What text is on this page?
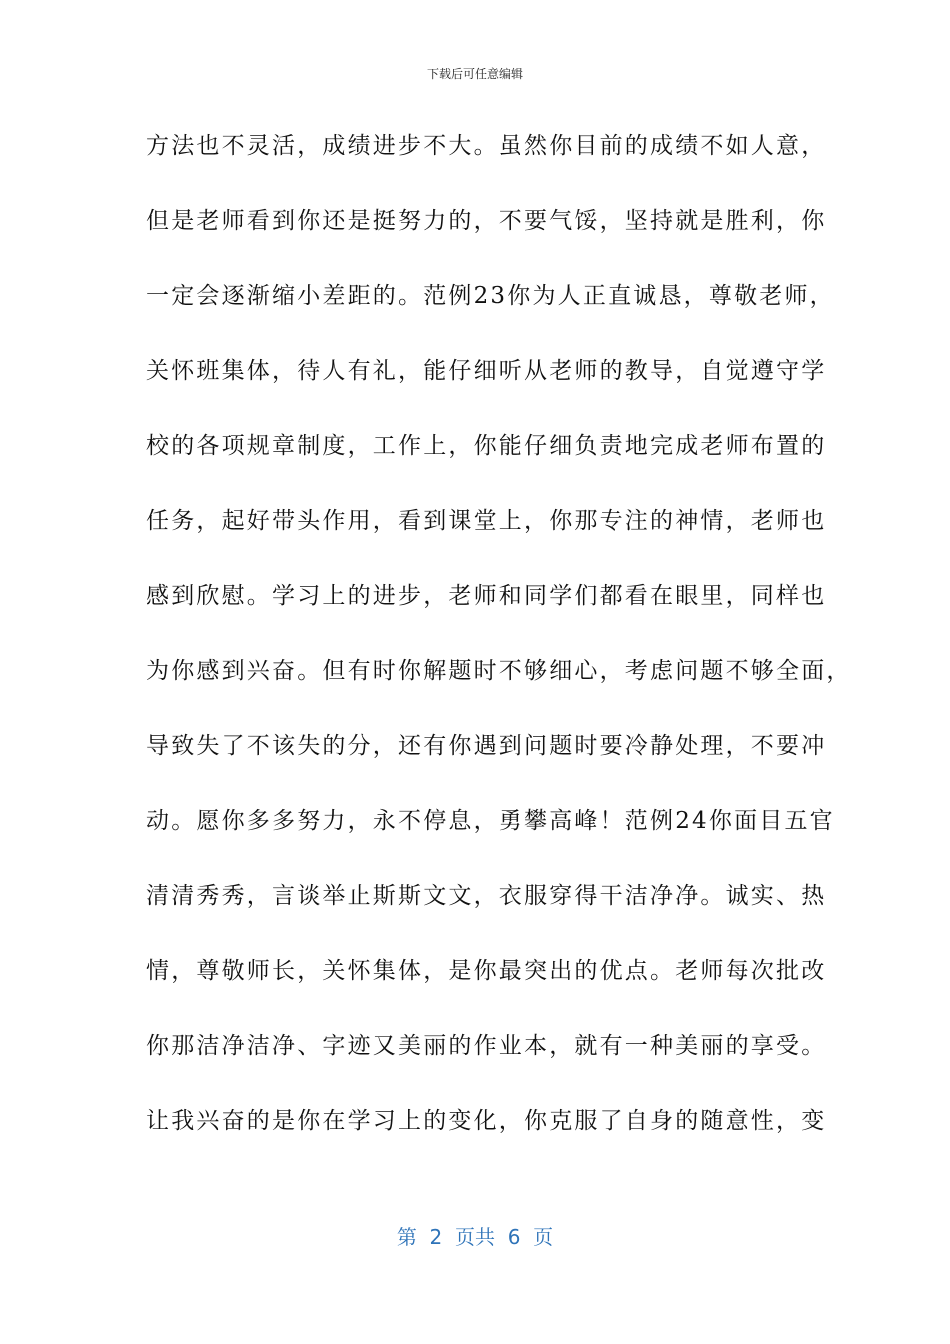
下载后可任意编辑
方法也不灵活，成绩进步不大。虽然你目前的成绩不如人意，
但是老师看到你还是挺努力的，不要气馁，坚持就是胜利，你
一定会逐渐缩小差距的。范例23你为人正直诚恳，尊敬老师，
关怀班集体，待人有礼，能仔细听从老师的教导，自觉遵守学
校的各项规章制度，工作上，你能仔细负责地完成老师布置的
任务，起好带头作用，看到课堂上，你那专注的神情，老师也
感到欣慰。学习上的进步，老师和同学们都看在眼里，同样也
为你感到兴奋。但有时你解题时不够细心，考虑问题不够全面，
导致失了不该失的分，还有你遇到问题时要冷静处理，不要冲
动。愿你多多努力，永不停息，勇攀高峰！范例24你面目五官
清清秀秀，言谈举止斯斯文文，衣服穿得干洁净净。诚实、热
情，尊敬师长，关怀集体，是你最突出的优点。老师每次批改
你那洁净洁净、字迹又美丽的作业本，就有一种美丽的享受。
让我兴奋的是你在学习上的变化，你克服了自身的随意性，变
第  2  页共  6  页
